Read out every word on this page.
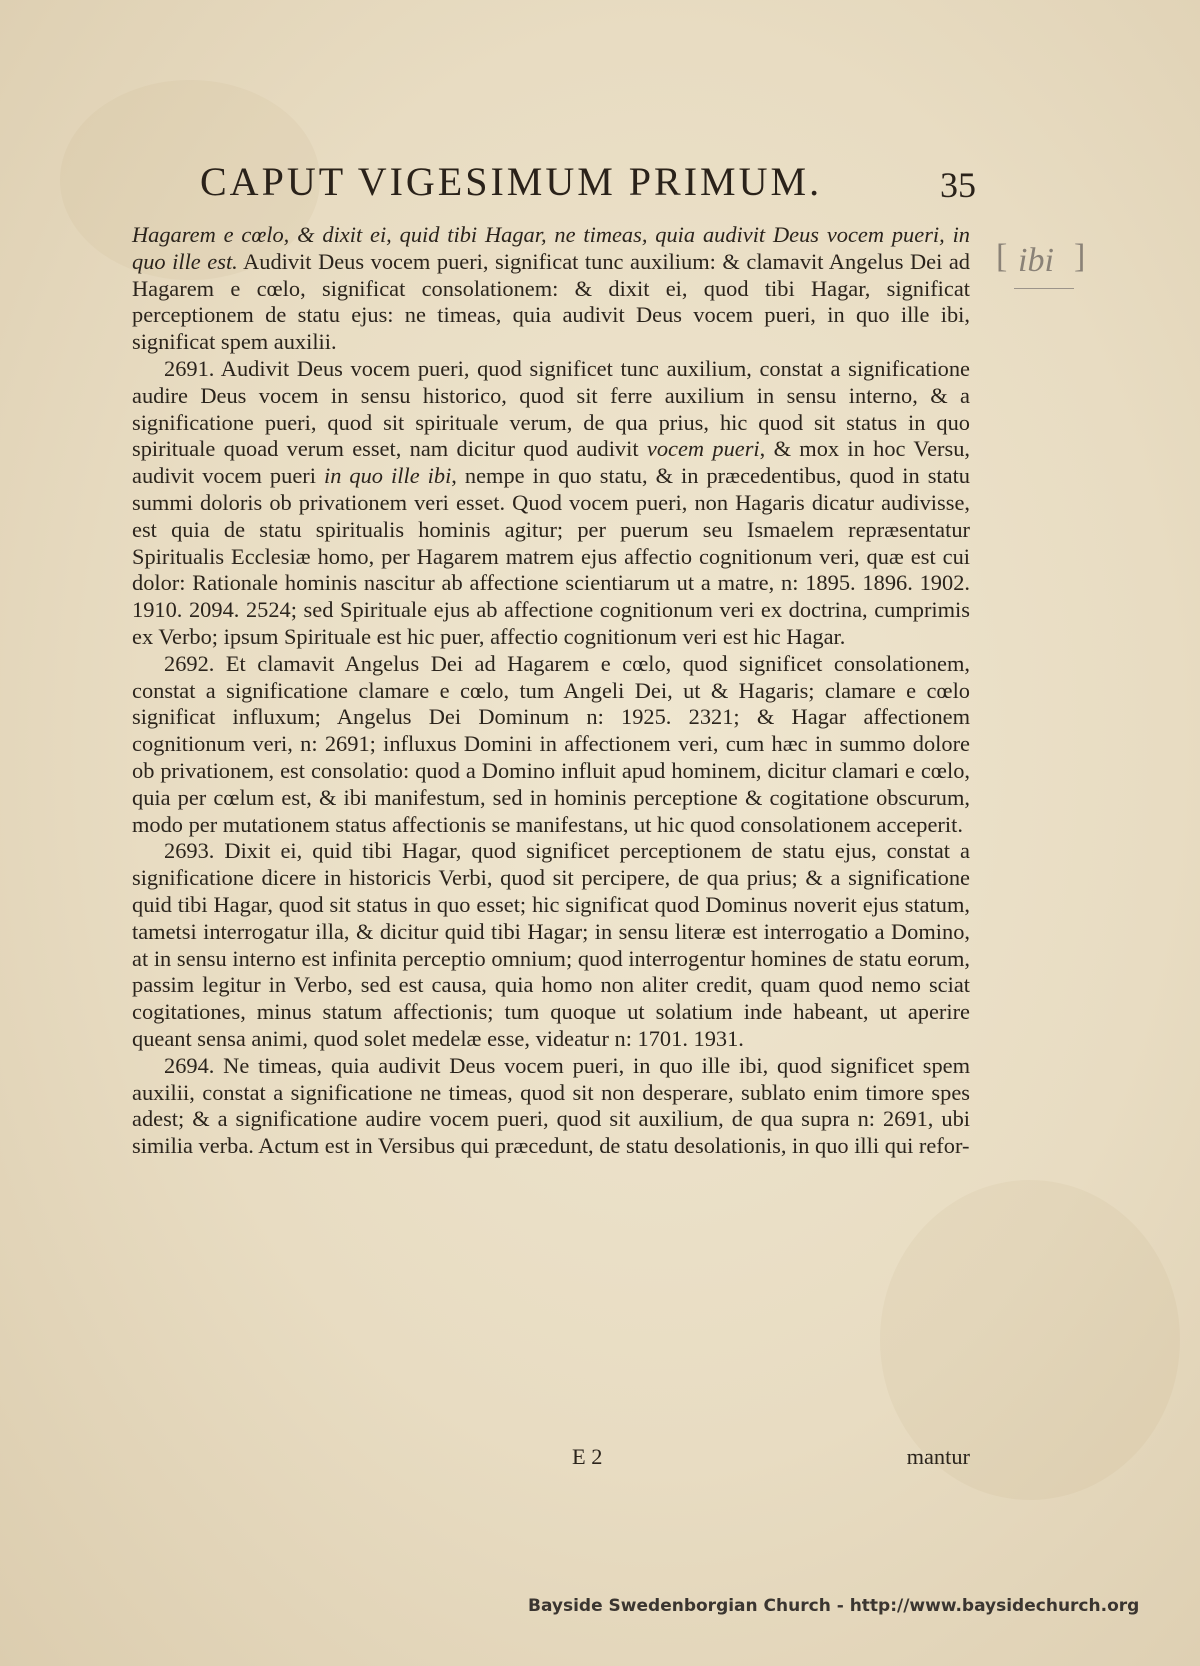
CAPUT VIGESIMUM PRIMUM.	35
[ ibi ]

Hagarem e cœlo, & dixit ei, quid tibi Hagar, ne timeas, quia audivit Deus vocem pueri, in quo ille est. Audivit Deus vocem pueri, significat tunc auxilium: & clamavit Angelus Dei ad Hagarem e cœlo, significat consolationem: & dixit ei, quod tibi Hagar, significat perceptionem de statu ejus: ne timeas, quia audivit Deus vocem pueri, in quo ille ibi, significat spem auxilii.

2691. Audivit Deus vocem pueri, quod significet tunc auxilium, constat a significatione audire Deus vocem in sensu historico, quod sit ferre auxilium in sensu interno, & a significatione pueri, quod sit spirituale verum, de qua prius, hic quod sit status in quo spirituale quoad verum esset, nam dicitur quod audivit vocem pueri, & mox in hoc Versu, audivit vocem pueri in quo ille ibi, nempe in quo statu, & in præcedentibus, quod in statu summi doloris ob privationem veri esset. Quod vocem pueri, non Hagaris dicatur audivisse, est quia de statu spiritualis hominis agitur; per puerum seu Ismaelem repræsentatur Spiritualis Ecclesiæ homo, per Hagarem matrem ejus affectio cognitionum veri, quæ est cui dolor: Rationale hominis nascitur ab affectione scientiarum ut a matre, n: 1895. 1896. 1902. 1910. 2094. 2524; sed Spirituale ejus ab affectione cognitionum veri ex doctrina, cumprimis ex Verbo; ipsum Spirituale est hic puer, affectio cognitionum veri est hic Hagar.

2692. Et clamavit Angelus Dei ad Hagarem e cœlo, quod significet consolationem, constat a significatione clamare e cœlo, tum Angeli Dei, ut & Hagaris; clamare e cœlo significat influxum; Angelus Dei Dominum n: 1925. 2321; & Hagar affectionem cognitionum veri, n: 2691; influxus Domini in affectionem veri, cum hæc in summo dolore ob privationem, est consolatio: quod a Domino influit apud hominem, dicitur clamari e cœlo, quia per cœlum est, & ibi manifestum, sed in hominis perceptione & cogitatione obscurum, modo per mutationem status affectionis se manifestans, ut hic quod consolationem acceperit.

2693. Dixit ei, quid tibi Hagar, quod significet perceptionem de statu ejus, constat a significatione dicere in historicis Verbi, quod sit percipere, de qua prius; & a significatione quid tibi Hagar, quod sit status in quo esset; hic significat quod Dominus noverit ejus statum, tametsi interrogatur illa, & dicitur quid tibi Hagar; in sensu literæ est interrogatio a Domino, at in sensu interno est infinita perceptio omnium; quod interrogentur homines de statu eorum, passim legitur in Verbo, sed est causa, quia homo non aliter credit, quam quod nemo sciat cogitationes, minus statum affectionis; tum quoque ut solatium inde habeant, ut aperire queant sensa animi, quod solet medelæ esse, videatur n: 1701. 1931.

2694. Ne timeas, quia audivit Deus vocem pueri, in quo ille ibi, quod significet spem auxilii, constat a significatione ne timeas, quod sit non desperare, sublato enim timore spes adest; & a significatione audire vocem pueri, quod sit auxilium, de qua supra n: 2691, ubi similia verba. Actum est in Versibus qui præcedunt, de statu desolationis, in quo illi qui refor-

E 2	mantur
Bayside Swedenborgian Church - http://www.baysidechurch.org
